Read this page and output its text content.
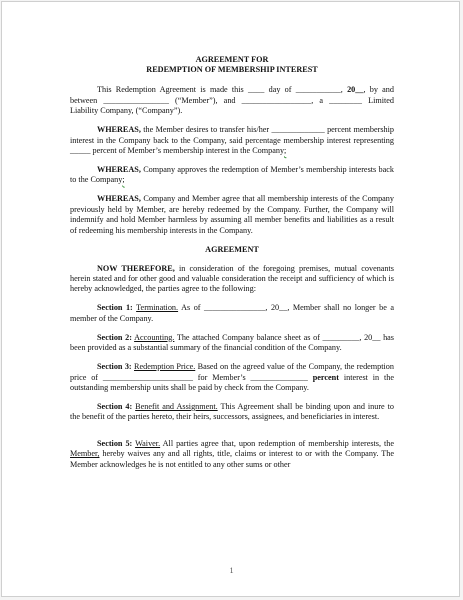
AGREEMENT FOR
REDEMPTION OF MEMBERSHIP INTEREST

This Redemption Agreement is made this ____ day of ___________, 20__, by and between ________________ (“Member”), and _________________, a ________ Limited Liability Company, (“Company”).

WHEREAS, the Member desires to transfer his/her _____________ percent membership interest in the Company back to the Company, said percentage membership interest representing _____ percent of Member’s membership interest in the Company;

WHEREAS, Company approves the redemption of Member’s membership interests back to the Company;

WHEREAS, Company and Member agree that all membership interests of the Company previously held by Member, are hereby redeemed by the Company. Further, the Company will indemnify and hold Member harmless by assuming all member benefits and liabilities as a result of redeeming his membership interests in the Company.

AGREEMENT

NOW THEREFORE, in consideration of the foregoing premises, mutual covenants herein stated and for other good and valuable consideration the receipt and sufficiency of which is hereby acknowledged, the parties agree to the following:

Section 1: Termination. As of _______________, 20__, Member shall no longer be a member of the Company.

Section 2: Accounting. The attached Company balance sheet as of _________, 20__ has been provided as a substantial summary of the financial condition of the Company.

Section 3: Redemption Price. Based on the agreed value of the Company, the redemption price of ______________________ for Member’s ______________ percent interest in the outstanding membership units shall be paid by check from the Company.

Section 4: Benefit and Assignment. This Agreement shall be binding upon and inure to the benefit of the parties hereto, their heirs, successors, assignees, and beneficiaries in interest.

Section 5: Waiver. All parties agree that, upon redemption of membership interests, the Member, hereby waives any and all rights, title, claims or interest to or with the Company. The Member acknowledges he is not entitled to any other sums or other

1
